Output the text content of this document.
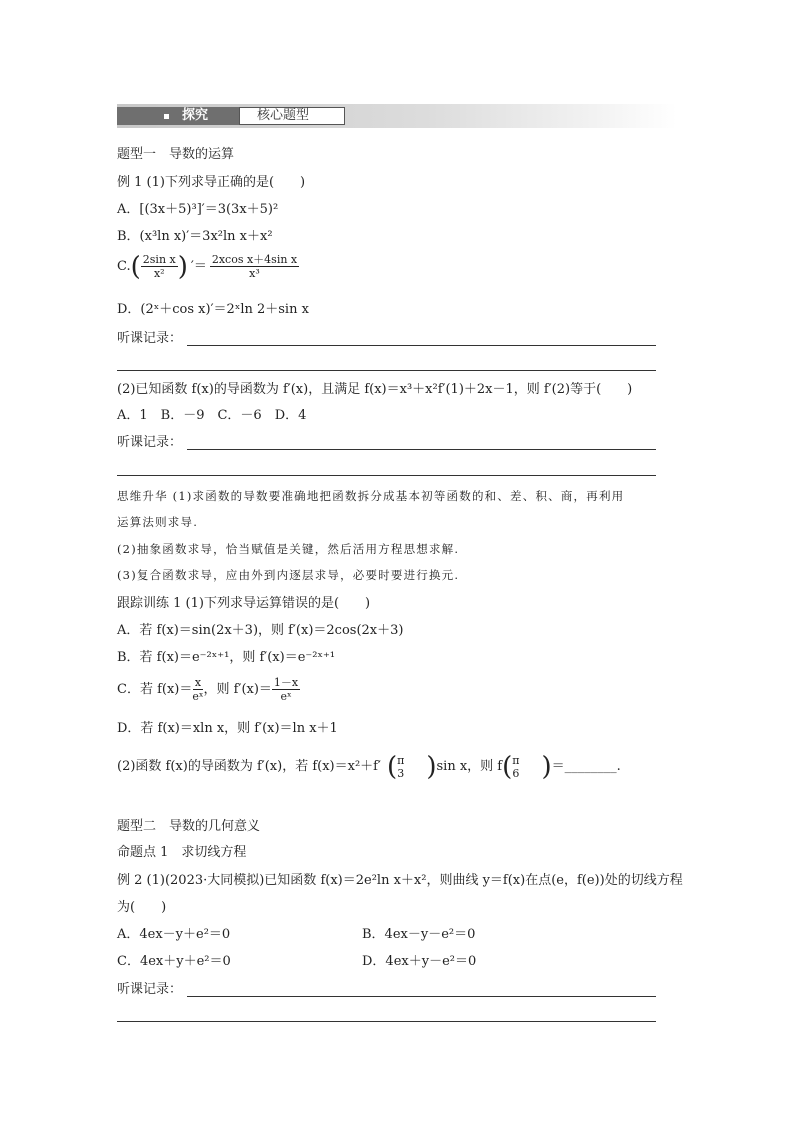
探究	核心题型
题型一　导数的运算
例 1 (1)下列求导正确的是(　　)
A．[(3x＋5)³]′＝3(3x＋5)²
B．(x³ln x)′＝3x²ln x＋x²
C. ( $\frac{\text{2sin x}}{\text{x²}}$ ) ′＝ $\frac{\text{2xcos x＋4sin x}}{\text{x³}}$
D．(2ˣ＋cos x)′＝2ˣln 2＋sin x
听课记录：
(2)已知函数 f(x)的导函数为 f′(x)，且满足 f(x)＝x³＋x²f′(1)＋2x－1，则 f′(2)等于(　　)
A．1　B．－9　C．－6　D．4
听课记录：
思维升华 (1)求函数的导数要准确地把函数拆分成基本初等函数的和、差、积、商，再利用
运算法则求导.
(2)抽象函数求导，恰当赋值是关键，然后活用方程思想求解.
(3)复合函数求导，应由外到内逐层求导，必要时要进行换元.
跟踪训练 1 (1)下列求导运算错误的是(　　)
A．若 f(x)＝sin(2x＋3)，则 f′(x)＝2cos(2x＋3)
B．若 f(x)＝e⁻²ˣ⁺¹，则 f′(x)＝e⁻²ˣ⁺¹
C．若 $f(x)= \frac{x}{\text{eˣ}}$ ，则 $f'(x)= \frac{1-x}{\text{eˣ}}$
D．若 f(x)＝xln x，则 f′(x)＝ln x＋1
(2)函数 f(x)的导函数为 f′(x)，若 f(x)＝x²＋f′ ( π
3 ) sin x，则 f ( π
6 ) ＝________.
题型二　导数的几何意义
命题点 1　求切线方程
例 2 (1)(2023·大同模拟)已知函数 f(x)＝2e²ln x＋x²，则曲线 y＝f(x)在点(e，f(e))处的切线方程
为(　　)
A．4ex－y＋e²＝0	B．4ex－y－e²＝0
C．4ex＋y＋e²＝0	D．4ex＋y－e²＝0
听课记录：
